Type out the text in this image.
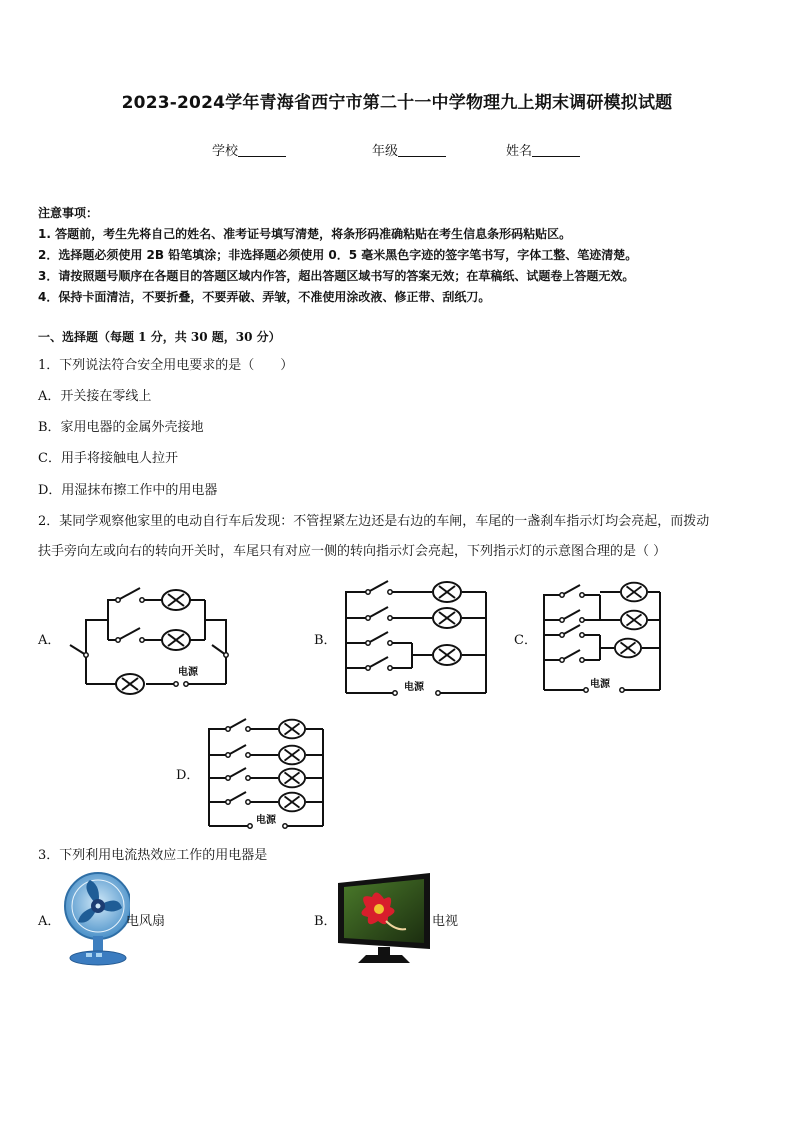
2023-2024学年青海省西宁市第二十一中学物理九上期末调研模拟试题
学校	年级	姓名
注意事项：
1. 答题前，考生先将自己的姓名、准考证号填写清楚，将条形码准确粘贴在考生信息条形码粘贴区。
2．选择题必须使用 2B 铅笔填涂；非选择题必须使用 0．5 毫米黑色字迹的签字笔书写，字体工整、笔迹清楚。
3．请按照题号顺序在各题目的答题区域内作答，超出答题区域书写的答案无效；在草稿纸、试题卷上答题无效。
4．保持卡面清洁，不要折叠，不要弄破、弄皱，不准使用涂改液、修正带、刮纸刀。
一、选择题（每题 1 分，共 30 题，30 分）
1．下列说法符合安全用电要求的是（　　）
A．开关接在零线上
B．家用电器的金属外壳接地
C．用手将接触电人拉开
D．用湿抹布擦工作中的用电器
2．某同学观察他家里的电动自行车后发现：不管捏紧左边还是右边的车闸，车尾的一盏刹车指示灯均会亮起，而拨动
扶手旁向左或向右的转向开关时，车尾只有对应一侧的转向指示灯会亮起，下列指示灯的示意图合理的是（ ）
A．	B．	C．
D．
电源
电源	电源
电源
3．下列利用电流热效应工作的用电器是
A．	电风扇	B．	电视
